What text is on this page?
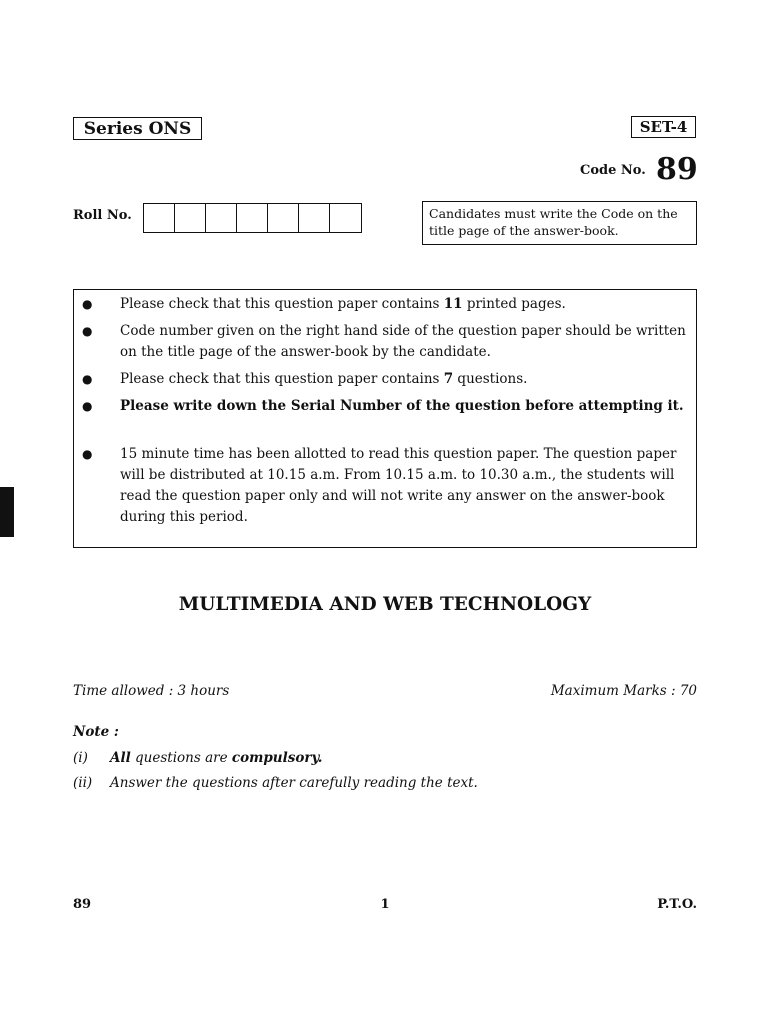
Series ONS	SET-4
Code No. 89
Roll No.	Candidates must write the Code on the title page of the answer-book.
● Please check that this question paper contains 11 printed pages.
● Code number given on the right hand side of the question paper should be written on the title page of the answer-book by the candidate.
● Please check that this question paper contains 7 questions.
● Please write down the Serial Number of the question before attempting it.
● 15 minute time has been allotted to read this question paper. The question paper will be distributed at 10.15 a.m. From 10.15 a.m. to 10.30 a.m., the students will read the question paper only and will not write any answer on the answer-book during this period.
MULTIMEDIA AND WEB TECHNOLOGY
Time allowed : 3 hours	Maximum Marks : 70
Note :
(i) All questions are compulsory.
(ii) Answer the questions after carefully reading the text.
89	1	P.T.O.
